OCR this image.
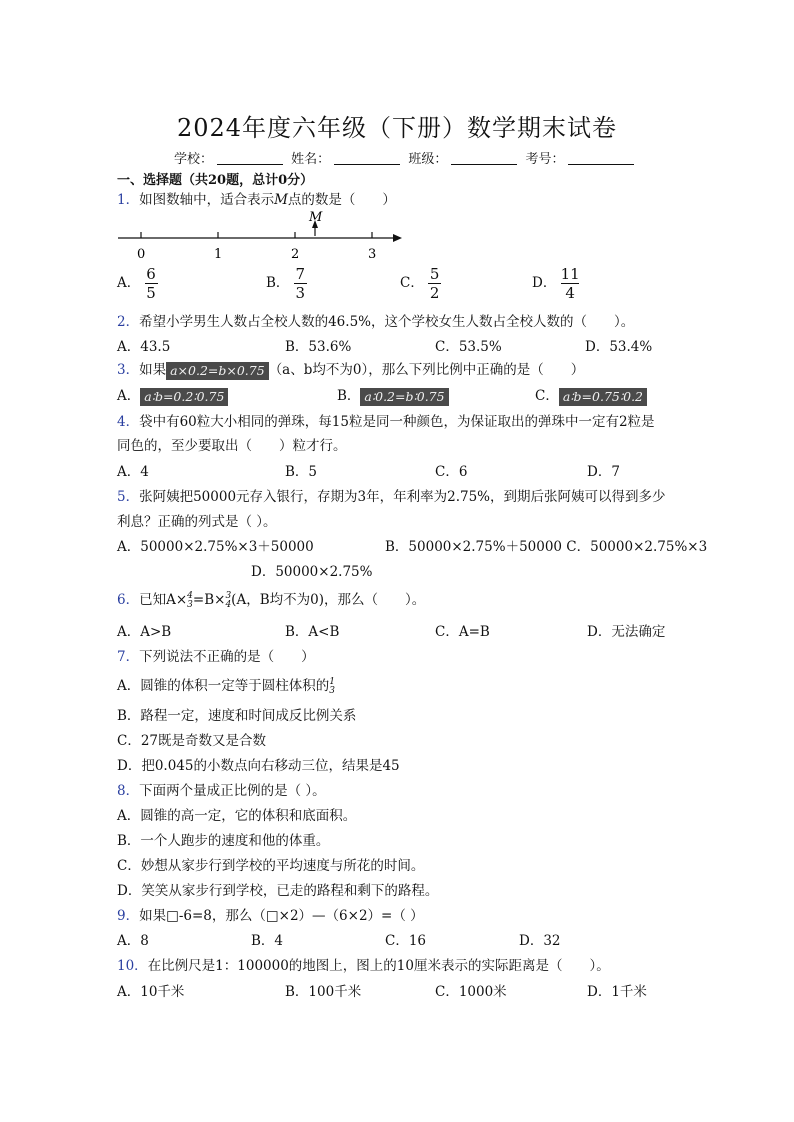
2024年度六年级（下册）数学期末试卷
学校：	姓名：	班级：	考号：
一、选择题（共20题，总计0分）
1．如图数轴中，适合表示M点的数是（　　）
0	1	2	3
M
A． $\frac{6}{5}$	B． $\frac{7}{3}$	C． $\frac{5}{2}$	D． $\frac{11}{4}$
2．希望小学男生人数占全校人数的46.5%，这个学校女生人数占全校人数的（　　）。
A．43.5	B．53.6%	C．53.5%	D．53.4%
3．如果 a×0.2=b×0.75 （a、b均不为0），那么下列比例中正确的是（　　）
A． a∶b=0.2∶0.75	B． a∶0.2=b∶0.75	C． a∶b=0.75∶0.2
4．袋中有60粒大小相同的弹珠，每15粒是同一种颜色，为保证取出的弹珠中一定有2粒是
同色的，至少要取出（　　）粒才行。
A．4	B．5	C．6	D．7
5．张阿姨把50000元存入银行，存期为3年，年利率为2.75%，到期后张阿姨可以得到多少
利息？正确的列式是（ ）。
A．50000×2.75%×3＋50000	B．50000×2.75%＋50000 C．50000×2.75%×3
D．50000×2.75%
6．已知A× 4
3 =B× 3
4 (A，B均不为0)，那么（　　）。
A．A>B	B．A<B	C．A=B	D．无法确定
7．下列说法不正确的是（　　）
A．圆锥的体积一定等于圆柱体积的 1
3
B．路程一定，速度和时间成反比例关系
C．27既是奇数又是合数
D．把0.045的小数点向右移动三位，结果是45
8．下面两个量成正比例的是（ ）。
A．圆锥的高一定，它的体积和底面积。
B．一个人跑步的速度和他的体重。
C．妙想从家步行到学校的平均速度与所花的时间。
D．笑笑从家步行到学校，已走的路程和剩下的路程。
9．如果□-6=8，那么（□×2）—（6×2）=（ ）
A．8	B．4	C．16	D．32
10．在比例尺是1：100000的地图上，图上的10厘米表示的实际距离是（　　）。
A．10千米	B．100千米	C．1000米	D．1千米
